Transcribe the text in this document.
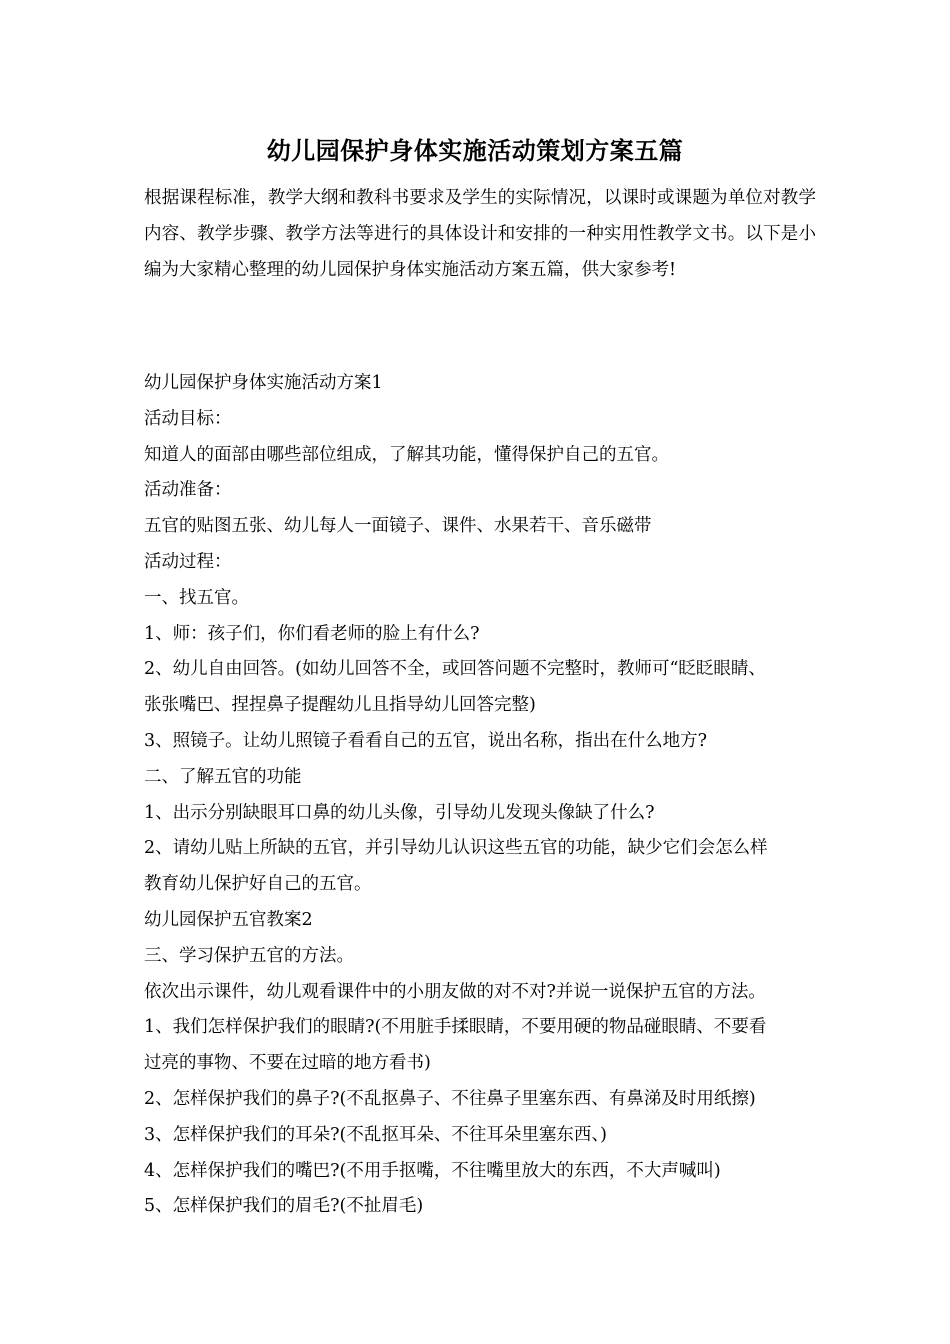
幼儿园保护身体实施活动策划方案五篇
根据课程标准，教学大纲和教科书要求及学生的实际情况，以课时或课题为单位对教学内容、教学步骤、教学方法等进行的具体设计和安排的一种实用性教学文书。以下是小编为大家精心整理的幼儿园保护身体实施活动方案五篇，供大家参考!
幼儿园保护身体实施活动方案1
活动目标：
知道人的面部由哪些部位组成，了解其功能，懂得保护自己的五官。
活动准备：
五官的贴图五张、幼儿每人一面镜子、课件、水果若干、音乐磁带
活动过程：
一、找五官。
1、师：孩子们，你们看老师的脸上有什么?
2、幼儿自由回答。(如幼儿回答不全，或回答问题不完整时，教师可“眨眨眼睛、
张张嘴巴、捏捏鼻子提醒幼儿且指导幼儿回答完整)
3、照镜子。让幼儿照镜子看看自己的五官，说出名称，指出在什么地方?
二、了解五官的功能
1、出示分别缺眼耳口鼻的幼儿头像，引导幼儿发现头像缺了什么?
2、请幼儿贴上所缺的五官，并引导幼儿认识这些五官的功能，缺少它们会怎么样
教育幼儿保护好自己的五官。
幼儿园保护五官教案2
三、学习保护五官的方法。
依次出示课件，幼儿观看课件中的小朋友做的对不对?并说一说保护五官的方法。
1、我们怎样保护我们的眼睛?(不用脏手揉眼睛，不要用硬的物品碰眼睛、不要看
过亮的事物、不要在过暗的地方看书)
2、怎样保护我们的鼻子?(不乱抠鼻子、不往鼻子里塞东西、有鼻涕及时用纸擦)
3、怎样保护我们的耳朵?(不乱抠耳朵、不往耳朵里塞东西、)
4、怎样保护我们的嘴巴?(不用手抠嘴，不往嘴里放大的东西，不大声喊叫)
5、怎样保护我们的眉毛?(不扯眉毛)
